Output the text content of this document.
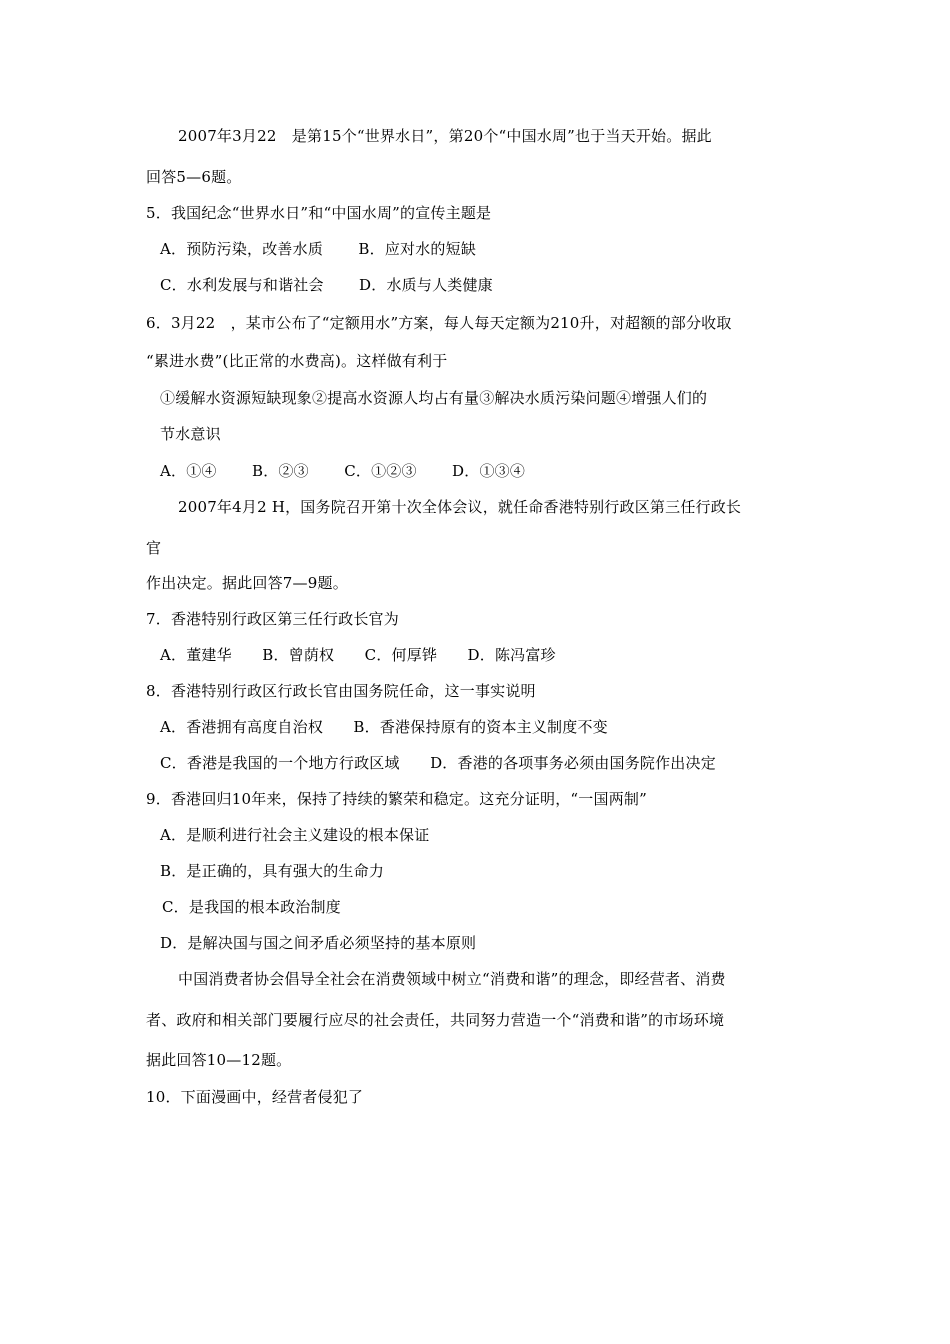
2007年3月22　是第15个“世界水日”，第20个“中国水周”也于当天开始。据此
回答5—6题。
5．我国纪念“世界水日”和“中国水周”的宣传主题是
A．预防污染，改善水质　　 B．应对水的短缺
C．水利发展与和谐社会　　 D．水质与人类健康
6．3月22　，某市公布了“定额用水”方案，每人每天定额为210升，对超额的部分收取
“累进水费”(比正常的水费高)。这样做有利于
①缓解水资源短缺现象②提高水资源人均占有量③解决水质污染问题④增强人们的
节水意识
A．①④　　 B．②③　　 C．①②③　　 D．①③④
2007年4月2 H，国务院召开第十次全体会议，就任命香港特别行政区第三任行政长
官
作出决定。据此回答7—9题。
7．香港特别行政区第三任行政长官为
A．董建华　　B．曾荫权　　C．何厚铧　　D．陈冯富珍
8．香港特别行政区行政长官由国务院任命，这一事实说明
A．香港拥有高度自治权　　B．香港保持原有的资本主义制度不变
C．香港是我国的一个地方行政区域　　D．香港的各项事务必须由国务院作出决定
9．香港回归10年来，保持了持续的繁荣和稳定。这充分证明，“一国两制”
A．是顺利进行社会主义建设的根本保证
B．是正确的，具有强大的生命力
C．是我国的根本政治制度
D．是解决国与国之间矛盾必须坚持的基本原则
中国消费者协会倡导全社会在消费领域中树立“消费和谐”的理念，即经营者、消费
者、政府和相关部门要履行应尽的社会责任，共同努力营造一个“消费和谐”的市场环境
据此回答10—12题。
10．下面漫画中，经营者侵犯了
